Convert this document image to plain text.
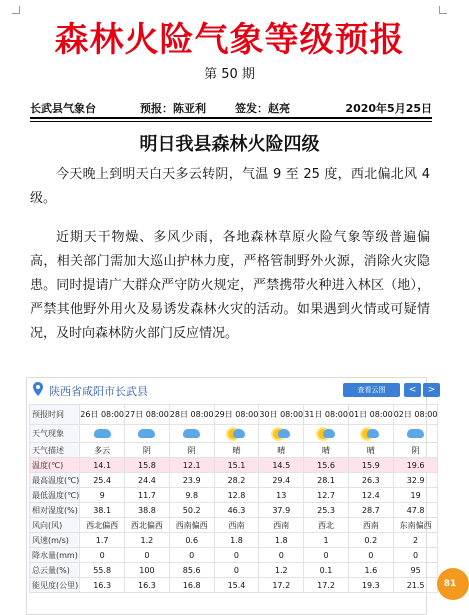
森林火险气象等级预报
第 50 期
长武县气象台	预报：陈亚利	签发：赵亮	2020年5月25日
明日我县森林火险四级
今天晚上到明天白天多云转阴，气温 9 至 25 度，西北偏北风 4 级。
近期天干物燥、多风少雨，各地森林草原火险气象等级普遍偏高，相关部门需加大巡山护林力度，严格管制野外火源，消除火灾隐患。同时提请广大群众严守防火规定，严禁携带火种进入林区（地），严禁其他野外用火及易诱发森林火灾的活动。如果遇到火情或可疑情况，及时向森林防火部门反应情况。
陕西省咸阳市长武县	查看云图	<	>
预报时间	26日 08:00	27日 08:00	28日 08:00	29日 08:00	30日 08:00	31日 08:00	01日 08:00	02日 08:00
天气现象								
天气描述	多云	阴	阴	晴	晴	晴	晴	阴
温度(℃)	14.1	15.8	12.1	15.1	14.5	15.6	15.9	19.6
最高温度(℃)	25.4	24.4	23.9	28.2	29.4	28.1	26.3	32.9
最低温度(℃)	9	11.7	9.8	12.8	13	12.7	12.4	19
相对湿度(%)	38.1	38.8	50.2	46.3	37.9	25.3	28.7	47.8
风向(风)	西北偏西	西北偏西	西南偏西	西南	西南	西北	西南	东南偏西
风速(m/s)	1.7	1.2	0.6	1.8	1.8	1	0.2	2
降水量(mm)	0	0	0	0	0	0	0	0
总云量(%)	55.8	100	85.6	0	1.2	0.1	1.6	95
能见度(公里)	16.3	16.3	16.8	15.4	17.2	17.2	19.3	21.5	81
